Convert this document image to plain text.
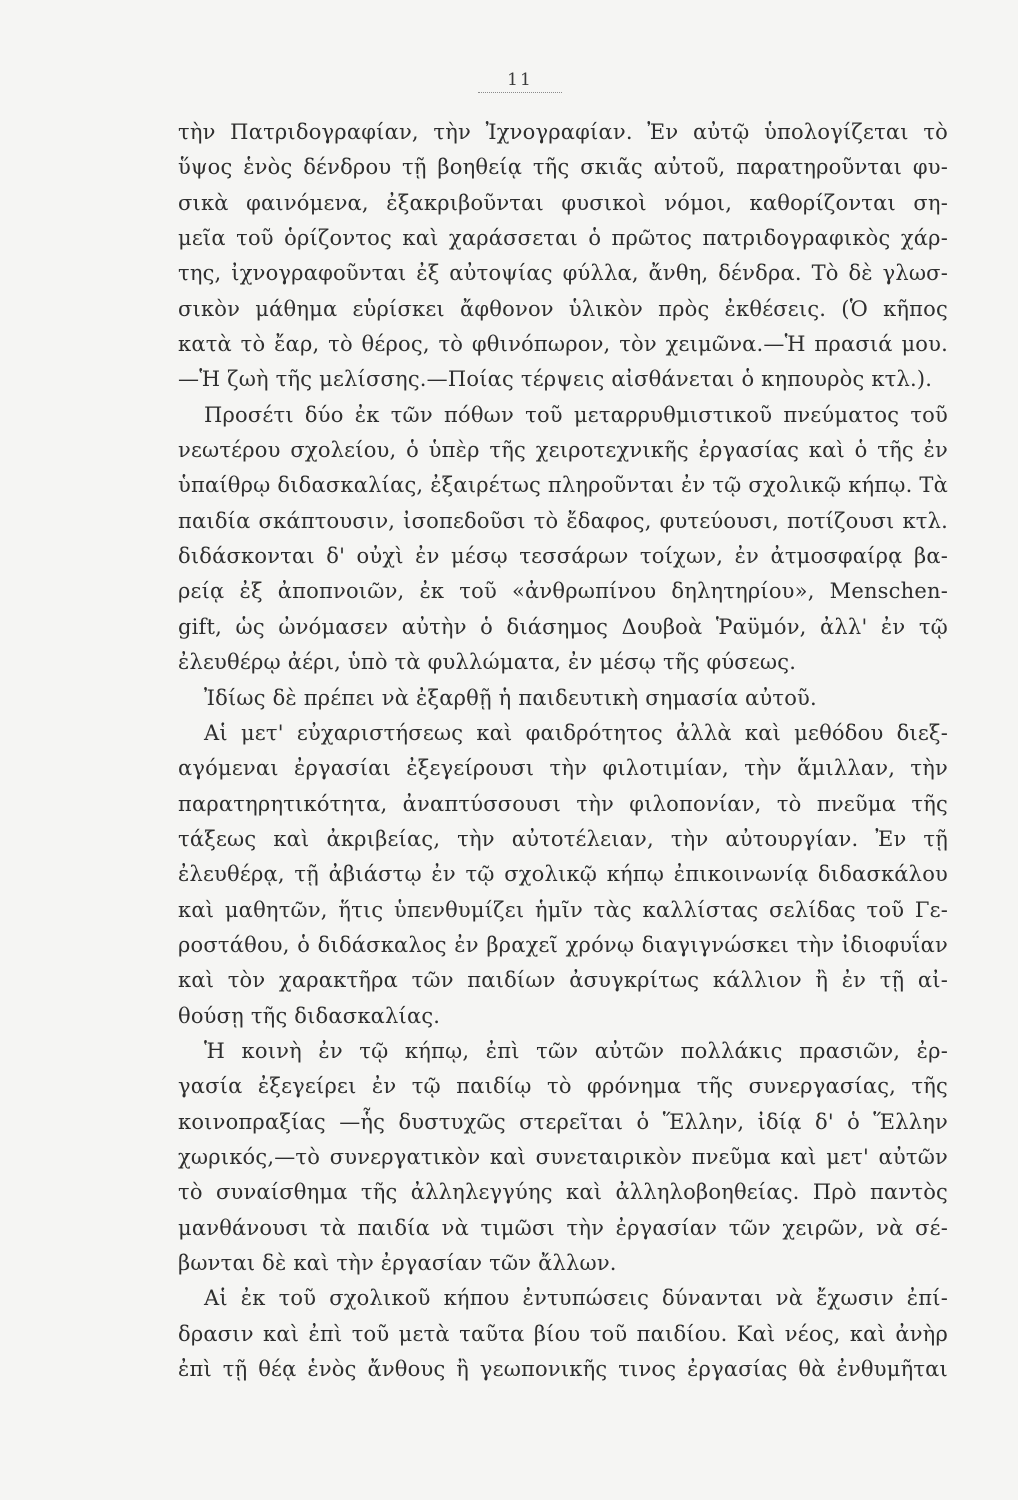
11
τὴν Πατριδογραφίαν, τὴν Ἰχνογραφίαν. Ἐν αὐτῷ ὑπολογίζεται τὸ
ὕψος ἑνὸς δένδρου τῇ βοηθείᾳ τῆς σκιᾶς αὐτοῦ, παρατηροῦνται φυ-
σικὰ φαινόμενα, ἐξακριβοῦνται φυσικοὶ νόμοι, καθορίζονται ση-
μεῖα τοῦ ὁρίζοντος καὶ χαράσσεται ὁ πρῶτος πατριδογραφικὸς χάρ-
της, ἰχνογραφοῦνται ἐξ αὐτοψίας φύλλα, ἄνθη, δένδρα. Τὸ δὲ γλωσ-
σικὸν μάθημα εὑρίσκει ἄφθονον ὑλικὸν πρὸς ἐκθέσεις. (Ὁ κῆπος
κατὰ τὸ ἔαρ, τὸ θέρος, τὸ φθινόπωρον, τὸν χειμῶνα.—Ἡ πρασιά μου.
—Ἡ ζωὴ τῆς μελίσσης.—Ποίας τέρψεις αἰσθάνεται ὁ κηπουρὸς κτλ.).
Προσέτι δύο ἐκ τῶν πόθων τοῦ μεταρρυθμιστικοῦ πνεύματος τοῦ
νεωτέρου σχολείου, ὁ ὑπὲρ τῆς χειροτεχνικῆς ἐργασίας καὶ ὁ τῆς ἐν
ὑπαίθρῳ διδασκαλίας, ἐξαιρέτως πληροῦνται ἐν τῷ σχολικῷ κήπῳ. Τὰ
παιδία σκάπτουσιν, ἰσοπεδοῦσι τὸ ἔδαφος, φυτεύουσι, ποτίζουσι κτλ.
διδάσκονται δ' οὐχὶ ἐν μέσῳ τεσσάρων τοίχων, ἐν ἀτμοσφαίρᾳ βα-
ρείᾳ ἐξ ἀποπνοιῶν, ἐκ τοῦ «ἀνθρωπίνου δηλητηρίου», Menschen-
gift, ὡς ὠνόμασεν αὐτὴν ὁ διάσημος Δουβοὰ Ῥαϋμόν, ἀλλ' ἐν τῷ
ἐλευθέρῳ ἀέρι, ὑπὸ τὰ φυλλώματα, ἐν μέσῳ τῆς φύσεως.
Ἰδίως δὲ πρέπει νὰ ἐξαρθῇ ἡ παιδευτικὴ σημασία αὐτοῦ.
Αἱ μετ' εὐχαριστήσεως καὶ φαιδρότητος ἀλλὰ καὶ μεθόδου διεξ-
αγόμεναι ἐργασίαι ἐξεγείρουσι τὴν φιλοτιμίαν, τὴν ἅμιλλαν, τὴν
παρατηρητικότητα, ἀναπτύσσουσι τὴν φιλοπονίαν, τὸ πνεῦμα τῆς
τάξεως καὶ ἀκριβείας, τὴν αὐτοτέλειαν, τὴν αὐτουργίαν. Ἐν τῇ
ἐλευθέρᾳ, τῇ ἀβιάστῳ ἐν τῷ σχολικῷ κήπῳ ἐπικοινωνίᾳ διδασκάλου
καὶ μαθητῶν, ἥτις ὑπενθυμίζει ἡμῖν τὰς καλλίστας σελίδας τοῦ Γε-
ροστάθου, ὁ διδάσκαλος ἐν βραχεῖ χρόνῳ διαγιγνώσκει τὴν ἰδιοφυΐαν
καὶ τὸν χαρακτῆρα τῶν παιδίων ἀσυγκρίτως κάλλιον ἢ ἐν τῇ αἰ-
θούσῃ τῆς διδασκαλίας.
Ἡ κοινὴ ἐν τῷ κήπῳ, ἐπὶ τῶν αὐτῶν πολλάκις πρασιῶν, ἐρ-
γασία ἐξεγείρει ἐν τῷ παιδίῳ τὸ φρόνημα τῆς συνεργασίας, τῆς
κοινοπραξίας —ἧς δυστυχῶς στερεῖται ὁ Ἕλλην, ἰδίᾳ δ' ὁ Ἕλλην
χωρικός,—τὸ συνεργατικὸν καὶ συνεταιρικὸν πνεῦμα καὶ μετ' αὐτῶν
τὸ συναίσθημα τῆς ἀλληλεγγύης καὶ ἀλληλοβοηθείας. Πρὸ παντὸς
μανθάνουσι τὰ παιδία νὰ τιμῶσι τὴν ἐργασίαν τῶν χειρῶν, νὰ σέ-
βωνται δὲ καὶ τὴν ἐργασίαν τῶν ἄλλων.
Αἱ ἐκ τοῦ σχολικοῦ κήπου ἐντυπώσεις δύνανται νὰ ἔχωσιν ἐπί-
δρασιν καὶ ἐπὶ τοῦ μετὰ ταῦτα βίου τοῦ παιδίου. Καὶ νέος, καὶ ἀνὴρ
ἐπὶ τῇ θέᾳ ἑνὸς ἄνθους ἢ γεωπονικῆς τινος ἐργασίας θὰ ἐνθυμῆται
